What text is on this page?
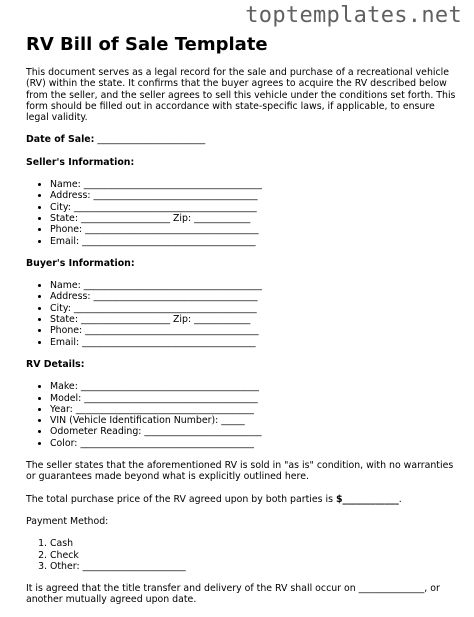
toptemplates.net
RV Bill of Sale Template

This document serves as a legal record for the sale and purchase of a recreational vehicle (RV) within the state. It confirms that the buyer agrees to acquire the RV described below from the seller, and the seller agrees to sell this vehicle under the conditions set forth. This form should be filled out in accordance with state-specific laws, if applicable, to ensure legal validity.

Date of Sale: _______________________

Seller's Information:

• Name: ______________________________________
• Address: ___________________________________
• City: _______________________________________
• State: ___________________ Zip: ____________
• Phone: _____________________________________
• Email: _____________________________________

Buyer's Information:

• Name: ______________________________________
• Address: ___________________________________
• City: _______________________________________
• State: ___________________ Zip: ____________
• Phone: _____________________________________
• Email: _____________________________________

RV Details:

• Make: ______________________________________
• Model: _____________________________________
• Year: ______________________________________
• VIN (Vehicle Identification Number): _____
• Odometer Reading: _________________________
• Color: _____________________________________

The seller states that the aforementioned RV is sold in "as is" condition, with no warranties or guarantees made beyond what is explicitly outlined here.

The total purchase price of the RV agreed upon by both parties is $____________.

Payment Method:

1. Cash
2. Check
3. Other: ______________________

It is agreed that the title transfer and delivery of the RV shall occur on ______________, or another mutually agreed upon date.
